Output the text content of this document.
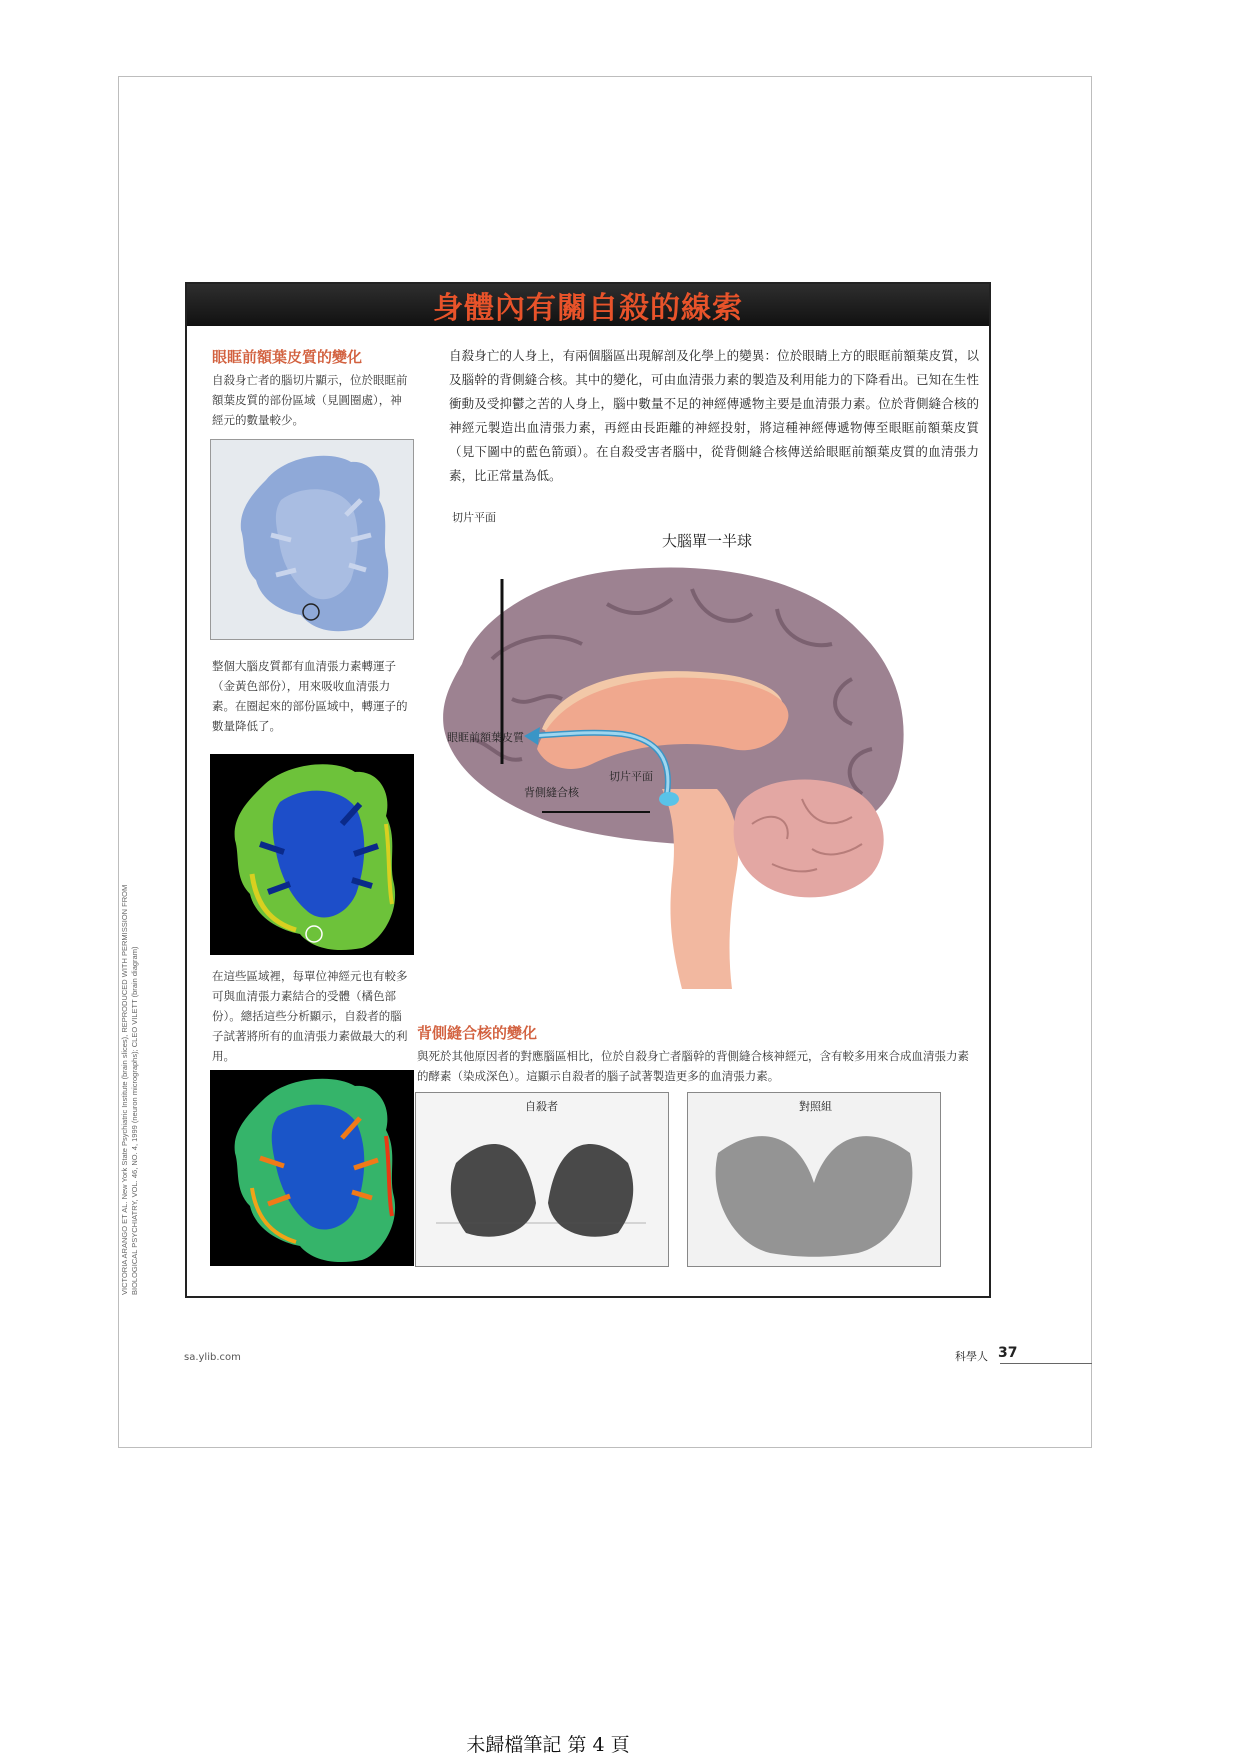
VICTORIA ARANGO ET AL. New York State Psychiatric Institute (brain slices), REPRODUCED WITH PERMISSION FROM BIOLOGICAL PSYCHIATRY, VOL. 46, NO. 4, 1999 (neuron micrographs); CLEO VILETT (brain diagram)
身體內有關自殺的線索
眼眶前額葉皮質的變化
自殺身亡者的腦切片顯示，位於眼眶前額葉皮質的部份區域（見圓圈處），神經元的數量較少。
整個大腦皮質都有血清張力素轉運子（金黃色部份），用來吸收血清張力素。在圈起來的部份區域中，轉運子的數量降低了。
在這些區域裡，每單位神經元也有較多可與血清張力素結合的受體（橘色部份）。總括這些分析顯示，自殺者的腦子試著將所有的血清張力素做最大的利用。
自殺身亡的人身上，有兩個腦區出現解剖及化學上的變異：位於眼睛上方的眼眶前額葉皮質，以及腦幹的背側縫合核。其中的變化，可由血清張力素的製造及利用能力的下降看出。已知在生性衝動及受抑鬱之苦的人身上，腦中數量不足的神經傳遞物主要是血清張力素。位於背側縫合核的神經元製造出血清張力素，再經由長距離的神經投射，將這種神經傳遞物傳至眼眶前額葉皮質（見下圖中的藍色箭頭）。在自殺受害者腦中，從背側縫合核傳送給眼眶前額葉皮質的血清張力素，比正常量為低。
大腦單一半球
切片平面
眼眶前額葉皮質
切片平面
背側縫合核
背側縫合核的變化
與死於其他原因者的對應腦區相比，位於自殺身亡者腦幹的背側縫合核神經元，含有較多用來合成血清張力素的酵素（染成深色）。這顯示自殺者的腦子試著製造更多的血清張力素。
自殺者	對照組
sa.ylib.com	科學人 37
未歸檔筆記 第 4 頁
